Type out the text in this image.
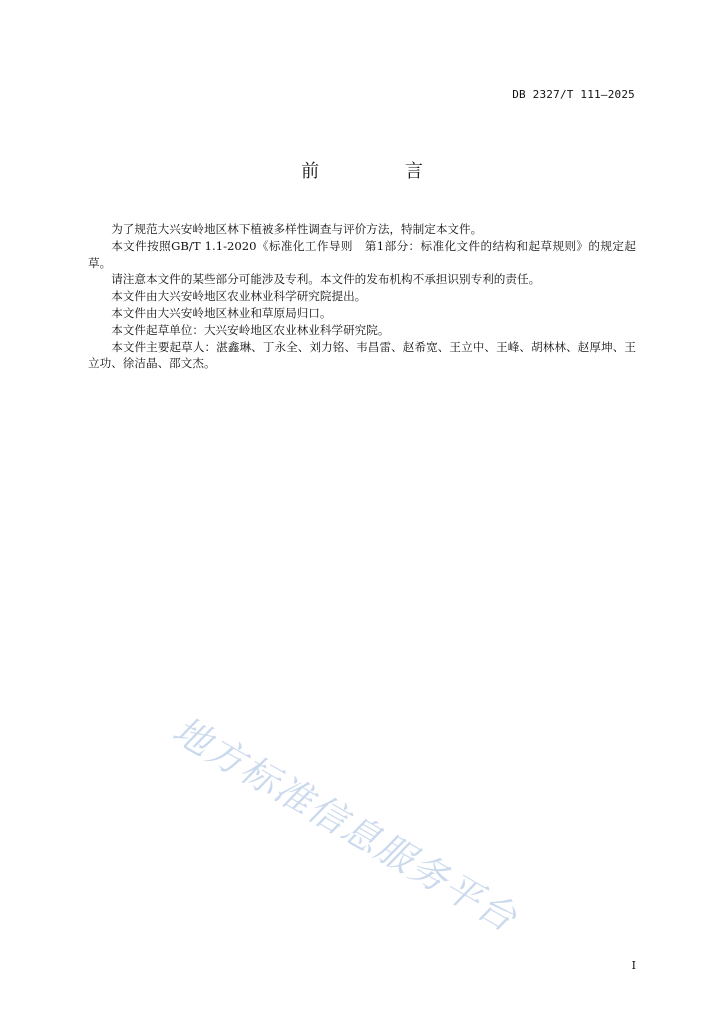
DB 2327/T 111—2025
前 言

为了规范大兴安岭地区林下植被多样性调查与评价方法，特制定本文件。

本文件按照GB/T 1.1-2020《标准化工作导则　第1部分：标准化文件的结构和起草规则》的规定起草。

请注意本文件的某些部分可能涉及专利。本文件的发布机构不承担识别专利的责任。

本文件由大兴安岭地区农业林业科学研究院提出。

本文件由大兴安岭地区林业和草原局归口。

本文件起草单位：大兴安岭地区农业林业科学研究院。

本文件主要起草人：湛鑫琳、丁永全、刘力铭、韦昌雷、赵希宽、王立中、王峰、胡林林、赵厚坤、王立功、徐洁晶、邵文杰。

地方标准信息服务平台
I
